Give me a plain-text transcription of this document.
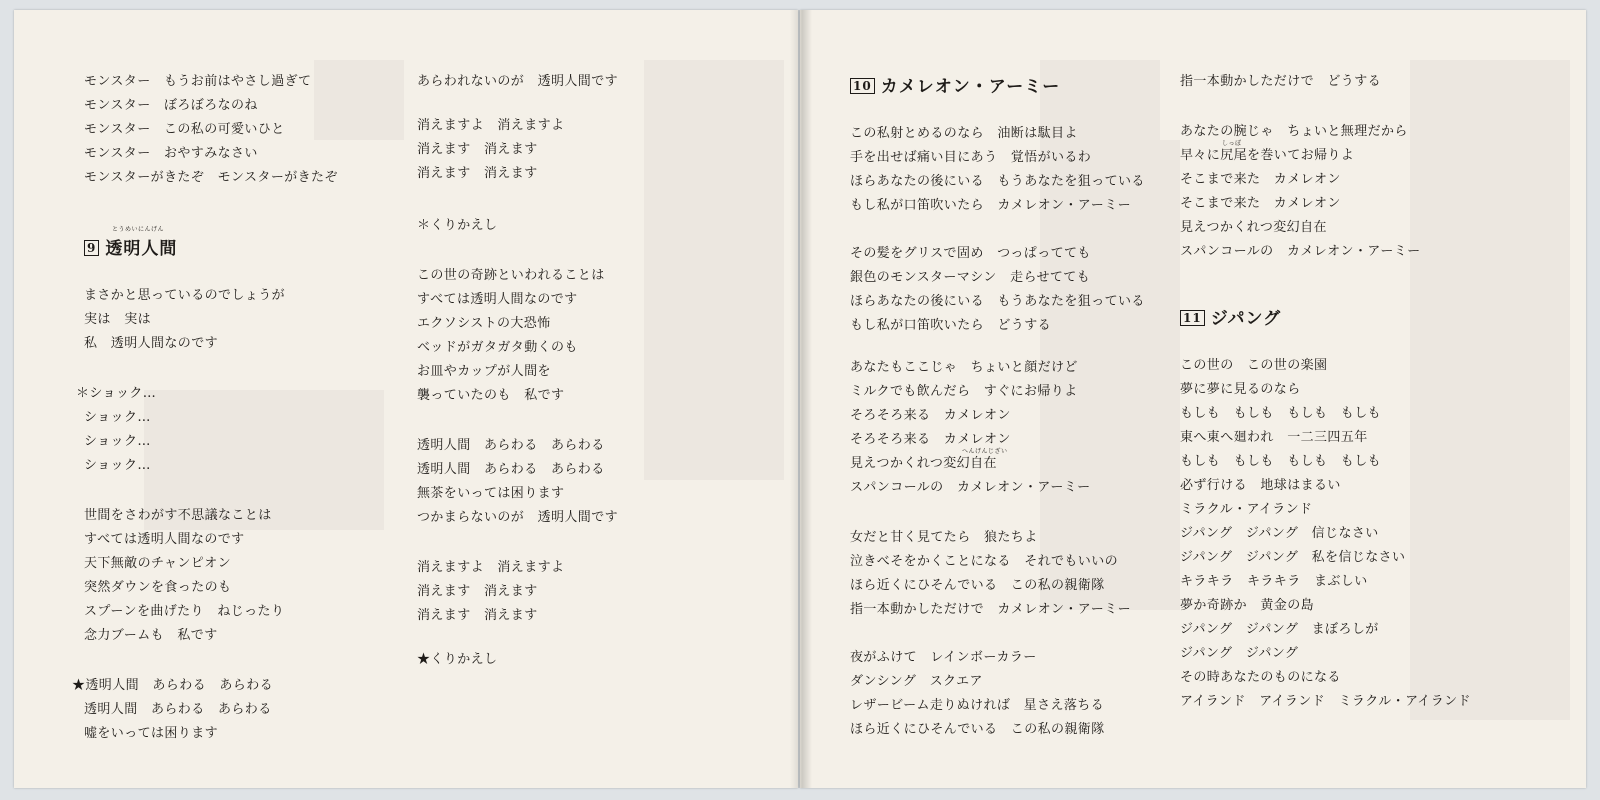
モンスター　もうお前はやさし過ぎて
モンスター　ぼろぼろなのね
モンスター　この私の可愛いひと
モンスター　おやすみなさい
モンスターがきたぞ　モンスターがきたぞ
とうめいにんげん
9 透明人間
まさかと思っているのでしょうが
実は　実は
私　透明人間なのです
＊ショック…
ショック…
ショック…
ショック…
世間をさわがす不思議なことは
すべては透明人間なのです
天下無敵のチャンピオン
突然ダウンを食ったのも
スプーンを曲げたり　ねじったり
念力ブームも　私です
★透明人間　あらわる　あらわる
透明人間　あらわる　あらわる
嘘をいっては困ります
あらわれないのが　透明人間です
消えますよ　消えますよ
消えます　消えます
消えます　消えます
＊くりかえし
この世の奇跡といわれることは
すべては透明人間なのです
エクソシストの大恐怖
ベッドがガタガタ動くのも
お皿やカップが人間を
襲っていたのも　私です
透明人間　あらわる　あらわる
透明人間　あらわる　あらわる
無茶をいっては困ります
つかまらないのが　透明人間です
消えますよ　消えますよ
消えます　消えます
消えます　消えます
★くりかえし
10 カメレオン・アーミー
この私射とめるのなら　油断は駄目よ
手を出せば痛い目にあう　覚悟がいるわ
ほらあなたの後にいる　もうあなたを狙っている
もし私が口笛吹いたら　カメレオン・アーミー
その髪をグリスで固め　つっぱってても
銀色のモンスターマシン　走らせてても
ほらあなたの後にいる　もうあなたを狙っている
もし私が口笛吹いたら　どうする
あなたもここじゃ　ちょいと顔だけど
ミルクでも飲んだら　すぐにお帰りよ
そろそろ来る　カメレオン
そろそろ来る　カメレオン
へんげんじざい
見えつかくれつ変幻自在
スパンコールの　カメレオン・アーミー
女だと甘く見てたら　狼たちよ
泣きべそをかくことになる　それでもいいの
ほら近くにひそんでいる　この私の親衛隊
指一本動かしただけで　カメレオン・アーミー
夜がふけて　レインボーカラー
ダンシング　スクエア
レザービーム走りぬければ　星さえ落ちる
ほら近くにひそんでいる　この私の親衛隊
指一本動かしただけで　どうする
あなたの腕じゃ　ちょいと無理だから
しっぽ
早々に尻尾を巻いてお帰りよ
そこまで来た　カメレオン
そこまで来た　カメレオン
見えつかくれつ変幻自在
スパンコールの　カメレオン・アーミー
11 ジパング
この世の　この世の楽園
夢に夢に見るのなら
もしも　もしも　もしも　もしも
東へ東へ廻われ　一二三四五年
もしも　もしも　もしも　もしも
必ず行ける　地球はまるい
ミラクル・アイランド
ジパング　ジパング　信じなさい
ジパング　ジパング　私を信じなさい
キラキラ　キラキラ　まぶしい
夢か奇跡か　黄金の島
ジパング　ジパング　まぼろしが
ジパング　ジパング
その時あなたのものになる
アイランド　アイランド　ミラクル・アイランド
